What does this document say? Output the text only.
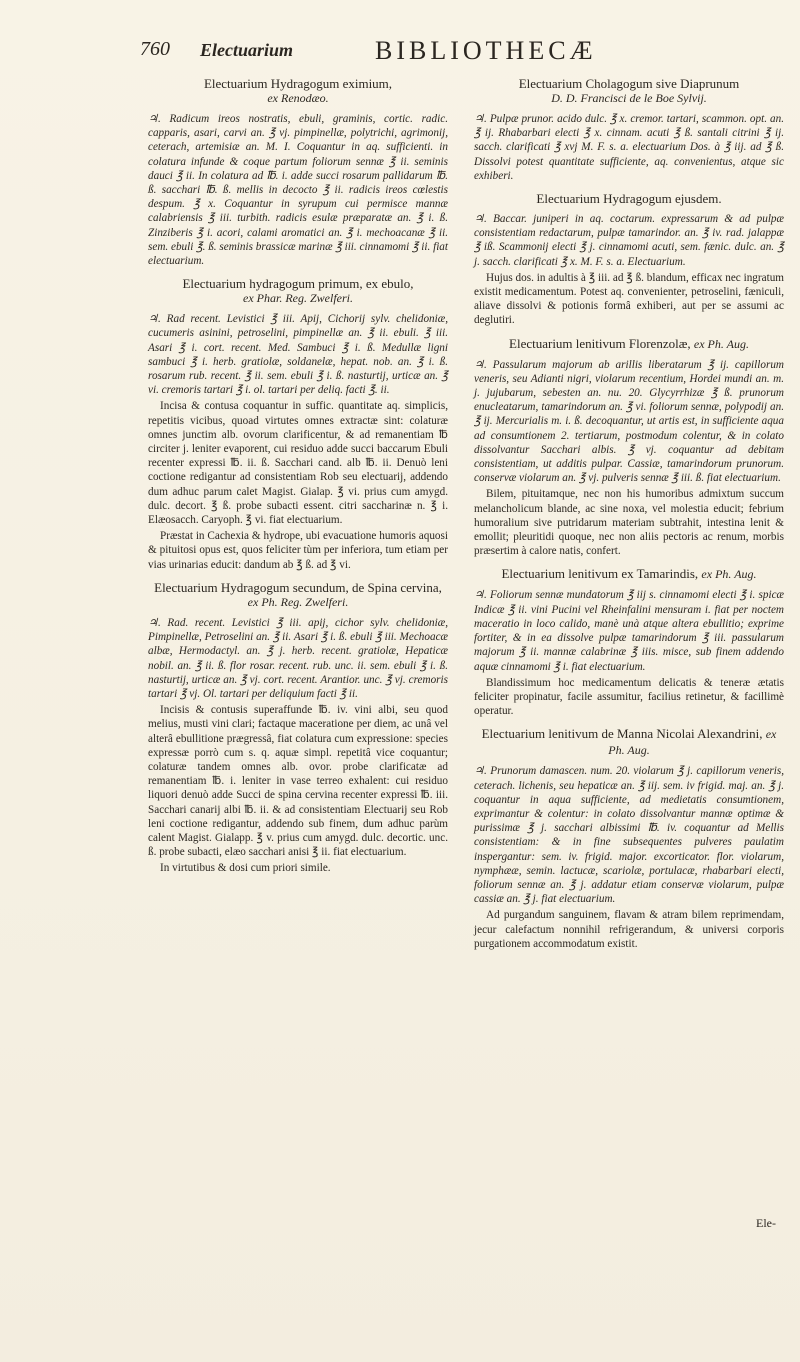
760 Electuarium	BIBLIOTHECÆ
Electuarium Hydragogum eximium,
ex Renodæo.

♃. Radicum ireos nostratis, ebuli, graminis, cortic. radic. capparis, asari, carvi an. ℥ vj. pimpinellæ, polytrichi, agrimonij, ceterach, artemisiæ an. M. I. Coquantur in aq. sufficienti. in colatura infunde & coque partum foliorum sennæ ℥ ii. seminis dauci ℥ ii. In colatura ad ℔. i. adde succi rosarum pallidarum ℔. ß. sacchari ℔. ß. mellis in decocto ℥ ii. radicis ireos cœlestis despum. ℥ x. Coquantur in syrupum cui permisce mannæ calabriensis ℥ iii. turbith. radicis esulæ præparatæ an. ℥ i. ß. Zinziberis ℥ i. acori, calami aromatici an. ℥ i. mechoacanæ ℥ ii. sem. ebuli ℥. ß. seminis brassicæ marinæ ℥ iii. cinnamomi ℥ ii. fiat electuarium.

Electuarium hydragogum primum, ex ebulo,
ex Phar. Reg. Zwelferi.

♃. Rad recent. Levistici ℥ iii. Apij, Cichorij sylv. chelidoniæ, cucumeris asinini, petroselini, pimpinellæ an. ℥ ii. ebuli. ℥ iii. Asari ℥ i. cort. recent. Med. Sambuci ℥ i. ß. Medullæ ligni sambuci ℥ i. herb. gratiolæ, soldanelæ, hepat. nob. an. ℥ i. ß. rosarum rub. recent. ℥ ii. sem. ebuli ℥ i. ß. nasturtij, urticæ an. ℥ vi. cremoris tartari ℥ i. ol. tartari per deliq. facti ℥. ii.

Incisa & contusa coquantur in suffic. quantitate aq. simplicis, repetitis vicibus, quoad virtutes omnes extractæ sint: colaturæ omnes junctim alb. ovorum clarificentur, & ad remanentiam ℔ circiter j. leniter evaporent, cui residuo adde succi baccarum Ebuli recenter expressi ℔. ii. ß. Sacchari cand. alb ℔. ii. Denuò leni coctione redigantur ad consistentiam Rob seu electuarij, addendo dum adhuc parum calet Magist. Gialap. ℥ vi. prius cum amygd. dulc. decort. ℥ ß. probe subacti essent. citri saccharinæ n. ℥ i. Elæosacch. Caryoph. ℥ vi. fiat electuarium.

Præstat in Cachexia & hydrope, ubi evacuatione humoris aquosi & pituitosi opus est, quos feliciter tùm per inferiora, tum etiam per vias urinarias educit: dandum ab ℥ ß. ad ℥ vi.

Electuarium Hydragogum secundum, de Spina cervina,
ex Ph. Reg. Zwelferi.

♃. Rad. recent. Levistici ℥ iii. apij, cichor sylv. chelidoniæ, Pimpinellæ, Petroselini an. ℥ ii. Asari ℥ i. ß. ebuli ℥ iii. Mechoacæ albæ, Hermodactyl. an. ℥ j. herb. recent. gratiolæ, Hepaticæ nobil. an. ℥ ii. ß. flor rosar. recent. rub. unc. ii. sem. ebuli ℥ i. ß. nasturtij, urticæ an. ℥ vj. cort. recent. Arantior. unc. ℥ vj. cremoris tartari ℥ vj. Ol. tartari per deliquium facti ℥ ii.

Incisis & contusis superaffunde ℔. iv. vini albi, seu quod melius, musti vini clari; factaque maceratione per diem, ac unâ vel alterâ ebullitione prægressâ, fiat colatura cum expressione: species expressæ porrò cum s. q. aquæ simpl. repetitâ vice coquantur; colaturæ tandem omnes alb. ovor. probe clarificatæ ad remanentiam ℔. i. leniter in vase terreo exhalent: cui residuo liquori denuò adde Succi de spina cervina recenter expressi ℔. iii. Sacchari canarij albi ℔. ii. & ad consistentiam Electuarij seu Rob leni coctione redigantur, addendo sub finem, dum adhuc parùm calent Magist. Gialapp. ℥ v. prius cum amygd. dulc. decortic. unc. ß. probe subacti, elæo sacchari anisi ℥ ii. fiat electuarium.

In virtutibus & dosi cum priori simile.

Electuarium Cholagogum sive Diaprunum
D. D. Francisci de le Boe Sylvij.

♃. Pulpæ prunor. acido dulc. ℥ x. cremor. tartari, scammon. opt. an. ℥ ij. Rhabarbari electi ℥ x. cinnam. acuti ℥ ß. santali citrini ℥ ij. sacch. clarificati ℥ xvj M. F. s. a. electuarium Dos. à ℥ iij. ad ℥ ß. Dissolvi potest quantitate sufficiente, aq. convenientus, atque sic exhiberi.

Electuarium Hydragogum ejusdem.

♃. Baccar. juniperi in aq. coctarum. expressarum & ad pulpæ consistentiam redactarum, pulpæ tamarindor. an. ℥ iv. rad. jalappæ ℥ iß. Scammonij electi ℥ j. cinnamomi acuti, sem. fænic. dulc. an. ℥ j. sacch. clarificati ℥ x. M. F. s. a. Electuarium.

Hujus dos. in adultis à ℥ iii. ad ℥ ß. blandum, efficax nec ingratum existit medicamentum. Potest aq. convenienter, petroselini, fæniculi, aliave dissolvi & potionis formâ exhiberi, aut per se assumi ac deglutiri.

Electuarium lenitivum Florenzolæ, ex Ph. Aug.

♃. Passularum majorum ab arillis liberatarum ℥ ij. capillorum veneris, seu Adianti nigri, violarum recentium, Hordei mundi an. m. j. jujubarum, sebesten an. nu. 20. Glycyrrhizæ ℥ ß. prunorum enucleatarum, tamarindorum an. ℥ vi. foliorum sennæ, polypodij an. ℥ ij. Mercurialis m. i. ß. decoquantur, ut artis est, in sufficiente aqua ad consumtionem 2. tertiarum, postmodum colentur, & in colato dissolvantur Sacchari albis. ℥ vj. coquantur ad debitam consistentiam, ut additis pulpar. Cassiæ, tamarindorum prunorum. conservæ violarum an. ℥ vj. pulveris sennæ ℥ iii. ß. fiat electuarium.

Bilem, pituitamque, nec non his humoribus admixtum succum melancholicum blande, ac sine noxa, vel molestia educit; febrium humoralium sive putridarum materiam subtrahit, intestina lenit & emollit; pleuritidi quoque, nec non aliis pectoris ac renum, morbis præsertim à calore natis, confert.

Electuarium lenitivum ex Tamarindis, ex Ph. Aug.

♃. Foliorum sennæ mundatorum ℥ iij s. cinnamomi electi ℥ i. spicæ Indicæ ℥ ii. vini Pucini vel Rheinfalini mensuram i. fiat per noctem maceratio in loco calido, manè unà atque altera ebullitio; exprime fortiter, & in ea dissolve pulpæ tamarindorum ℥ iii. passularum majorum ℥ ii. mannæ calabrinæ ℥ iiis. misce, sub finem addendo aquæ cinnamomi ℥ i. fiat electuarium.

Blandissimum hoc medicamentum delicatis & teneræ ætatis feliciter propinatur, facile assumitur, facilius retinetur, & facillimè operatur.

Electuarium lenitivum de Manna Nicolai Alexandrini, ex Ph. Aug.

♃. Prunorum damascen. num. 20. violarum ℥ j. capillorum veneris, ceterach. lichenis, seu hepaticæ an. ℥ iij. sem. iv frigid. maj. an. ℥ j. coquantur in aqua sufficiente, ad medietatis consumtionem, exprimantur & colentur: in colato dissolvantur mannæ optimæ & purissimæ ℥ j. sacchari albissimi ℔. iv. coquantur ad Mellis consistentiam: & in fine subsequentes pulveres paulatim inspergantur: sem. iv. frigid. major. excorticator. flor. violarum, nymphææ, semin. lactucæ, scariolæ, portulacæ, rhabarbari electi, foliorum sennæ an. ℥ j. addatur etiam conservæ violarum, pulpæ cassiæ an. ℥ j. fiat electuarium.

Ad purgandum sanguinem, flavam & atram bilem reprimendam, jecur calefactum nonnihil refrigerandum, & universi corporis purgationem accommodatum existit.

Ele-
